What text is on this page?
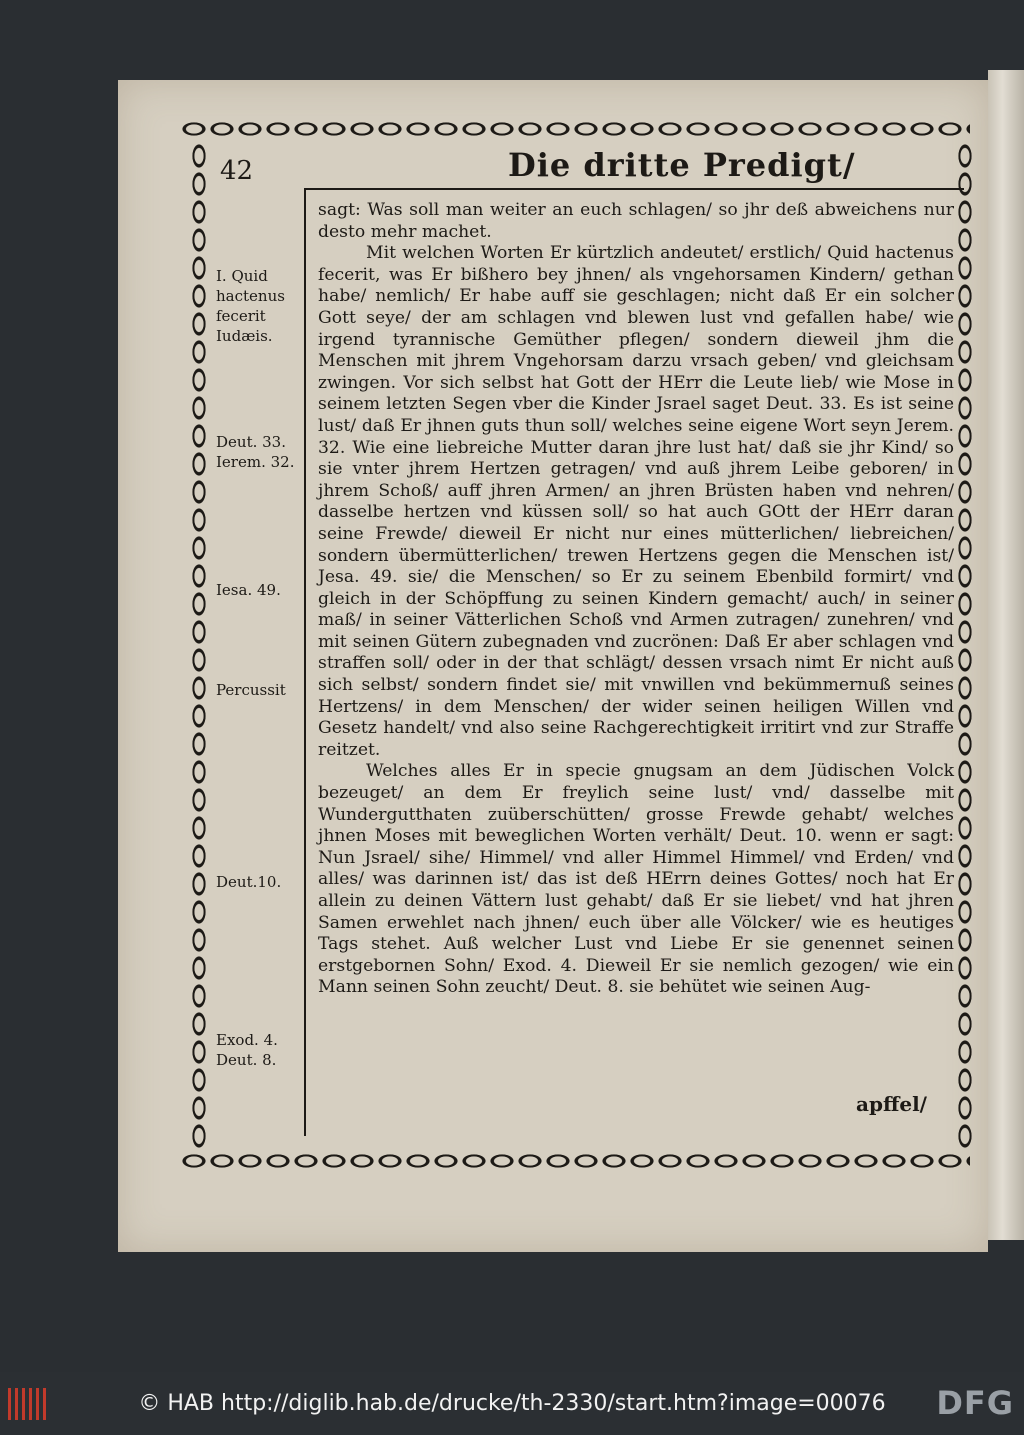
42	Die dritte Predigt/
I. Quid hactenus fecerit Iudæis.
Deut. 33. Ierem. 32.
Iesa. 49.
Percussit
Deut.10.
Exod. 4. Deut. 8.

sagt: Was soll man weiter an euch schlagen/ so jhr deß abweichens nur desto mehr machet.

Mit welchen Worten Er kürtzlich andeutet/ erstlich/ Quid hactenus fecerit, was Er bißhero bey jhnen/ als vngehorsamen Kindern/ gethan habe/ nemlich/ Er habe auff sie geschlagen; nicht daß Er ein solcher Gott seye/ der am schlagen vnd blewen lust vnd gefallen habe/ wie irgend tyrannische Gemüther pflegen/ sondern dieweil jhm die Menschen mit jhrem Vngehorsam darzu vrsach geben/ vnd gleichsam zwingen. Vor sich selbst hat Gott der HErr die Leute lieb/ wie Mose in seinem letzten Segen vber die Kinder Jsrael saget Deut. 33. Es ist seine lust/ daß Er jhnen guts thun soll/ welches seine eigene Wort seyn Jerem. 32. Wie eine liebreiche Mutter daran jhre lust hat/ daß sie jhr Kind/ so sie vnter jhrem Hertzen getragen/ vnd auß jhrem Leibe geboren/ in jhrem Schoß/ auff jhren Armen/ an jhren Brüsten haben vnd nehren/ dasselbe hertzen vnd küssen soll/ so hat auch GOtt der HErr daran seine Frewde/ dieweil Er nicht nur eines mütterlichen/ liebreichen/ sondern übermütterlichen/ trewen Hertzens gegen die Menschen ist/ Jesa. 49. sie/ die Menschen/ so Er zu seinem Ebenbild formirt/ vnd gleich in der Schöpffung zu seinen Kindern gemacht/ auch/ in seiner maß/ in seiner Vätterlichen Schoß vnd Armen zutragen/ zunehren/ vnd mit seinen Gütern zubegnaden vnd zucrönen: Daß Er aber schlagen vnd straffen soll/ oder in der that schlägt/ dessen vrsach nimt Er nicht auß sich selbst/ sondern findet sie/ mit vnwillen vnd bekümmernuß seines Hertzens/ in dem Menschen/ der wider seinen heiligen Willen vnd Gesetz handelt/ vnd also seine Rachgerechtigkeit irritirt vnd zur Straffe reitzet.

Welches alles Er in specie gnugsam an dem Jüdischen Volck bezeuget/ an dem Er freylich seine lust/ vnd/ dasselbe mit Wundergutthaten zuüberschütten/ grosse Frewde gehabt/ welches jhnen Moses mit beweglichen Worten verhält/ Deut. 10. wenn er sagt: Nun Jsrael/ sihe/ Himmel/ vnd aller Himmel Himmel/ vnd Erden/ vnd alles/ was darinnen ist/ das ist deß HErrn deines Gottes/ noch hat Er allein zu deinen Vättern lust gehabt/ daß Er sie liebet/ vnd hat jhren Samen erwehlet nach jhnen/ euch über alle Völcker/ wie es heutiges Tags stehet. Auß welcher Lust vnd Liebe Er sie genennet seinen erstgebornen Sohn/ Exod. 4. Dieweil Er sie nemlich gezogen/ wie ein Mann seinen Sohn zeucht/ Deut. 8. sie behütet wie seinen Aug-

apffel/
© HAB http://diglib.hab.de/drucke/th-2330/start.htm?image=00076	DFG
